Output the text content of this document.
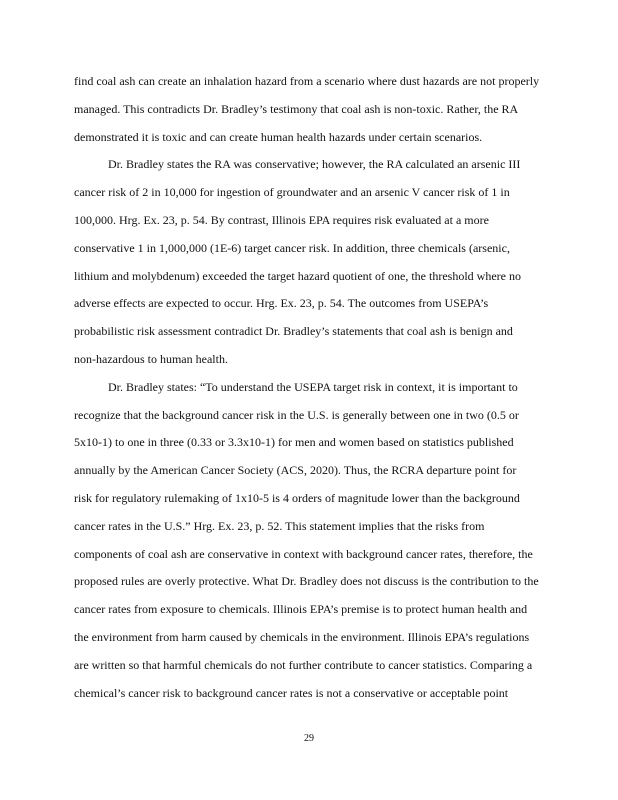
find coal ash can create an inhalation hazard from a scenario where dust hazards are not properly
managed. This contradicts Dr. Bradley’s testimony that coal ash is non-toxic. Rather, the RA
demonstrated it is toxic and can create human health hazards under certain scenarios.
Dr. Bradley states the RA was conservative; however, the RA calculated an arsenic III
cancer risk of 2 in 10,000 for ingestion of groundwater and an arsenic V cancer risk of 1 in
100,000. Hrg. Ex. 23, p. 54. By contrast, Illinois EPA requires risk evaluated at a more
conservative 1 in 1,000,000 (1E-6) target cancer risk. In addition, three chemicals (arsenic,
lithium and molybdenum) exceeded the target hazard quotient of one, the threshold where no
adverse effects are expected to occur. Hrg. Ex. 23, p. 54. The outcomes from USEPA’s
probabilistic risk assessment contradict Dr. Bradley’s statements that coal ash is benign and
non-hazardous to human health.
Dr. Bradley states: “To understand the USEPA target risk in context, it is important to
recognize that the background cancer risk in the U.S. is generally between one in two (0.5 or
5x10-1) to one in three (0.33 or 3.3x10-1) for men and women based on statistics published
annually by the American Cancer Society (ACS, 2020). Thus, the RCRA departure point for
risk for regulatory rulemaking of 1x10-5 is 4 orders of magnitude lower than the background
cancer rates in the U.S.” Hrg. Ex. 23, p. 52. This statement implies that the risks from
components of coal ash are conservative in context with background cancer rates, therefore, the
proposed rules are overly protective. What Dr. Bradley does not discuss is the contribution to the
cancer rates from exposure to chemicals. Illinois EPA’s premise is to protect human health and
the environment from harm caused by chemicals in the environment. Illinois EPA’s regulations
are written so that harmful chemicals do not further contribute to cancer statistics. Comparing a
chemical’s cancer risk to background cancer rates is not a conservative or acceptable point
29
